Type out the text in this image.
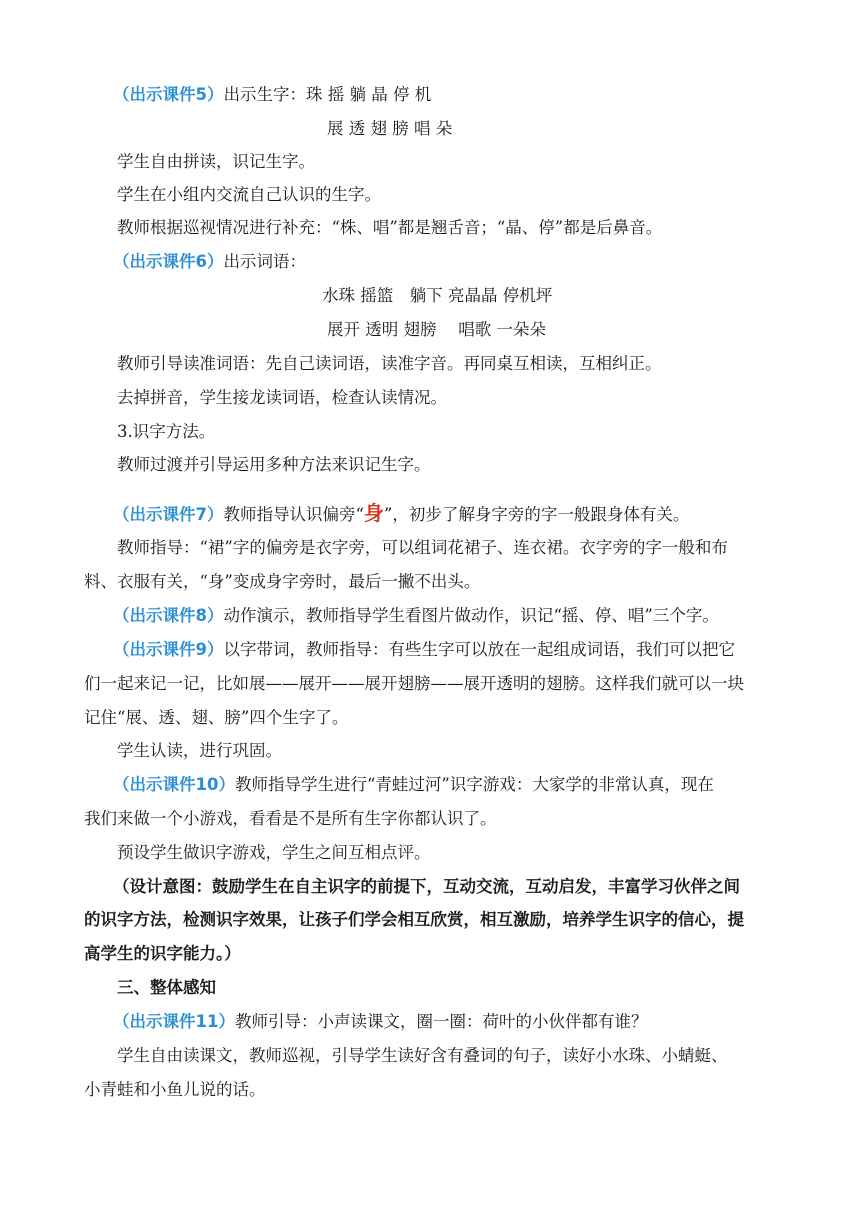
（出示课件5）出示生字：珠 摇 躺 晶 停 机
展 透 翅 膀 唱 朵
学生自由拼读，识记生字。
学生在小组内交流自己认识的生字。
教师根据巡视情况进行补充：“株、唱”都是翘舌音；“晶、停”都是后鼻音。
（出示课件6）出示词语：
水珠 摇篮　躺下 亮晶晶 停机坪
展开 透明 翅膀　 唱歌 一朵朵
教师引导读准词语：先自己读词语，读准字音。再同桌互相读，互相纠正。
去掉拼音，学生接龙读词语，检查认读情况。
3.识字方法。
教师过渡并引导运用多种方法来识记生字。
（出示课件7）教师指导认识偏旁“身”，初步了解身字旁的字一般跟身体有关。
教师指导：“裙”字的偏旁是衣字旁，可以组词花裙子、连衣裙。衣字旁的字一般和布
料、衣服有关，“身”变成身字旁时，最后一撇不出头。
（出示课件8）动作演示，教师指导学生看图片做动作，识记“摇、停、唱”三个字。
（出示课件9）以字带词，教师指导：有些生字可以放在一起组成词语，我们可以把它
们一起来记一记，比如展——展开——展开翅膀——展开透明的翅膀。这样我们就可以一块
记住“展、透、翅、膀”四个生字了。
学生认读，进行巩固。
（出示课件10）教师指导学生进行“青蛙过河”识字游戏：大家学的非常认真，现在
我们来做一个小游戏，看看是不是所有生字你都认识了。
预设学生做识字游戏，学生之间互相点评。
（设计意图：鼓励学生在自主识字的前提下，互动交流，互动启发，丰富学习伙伴之间
的识字方法，检测识字效果，让孩子们学会相互欣赏，相互激励，培养学生识字的信心，提
高学生的识字能力。）
三、整体感知
（出示课件11）教师引导：小声读课文，圈一圈：荷叶的小伙伴都有谁？
学生自由读课文，教师巡视，引导学生读好含有叠词的句子，读好小水珠、小蜻蜓、
小青蛙和小鱼儿说的话。
